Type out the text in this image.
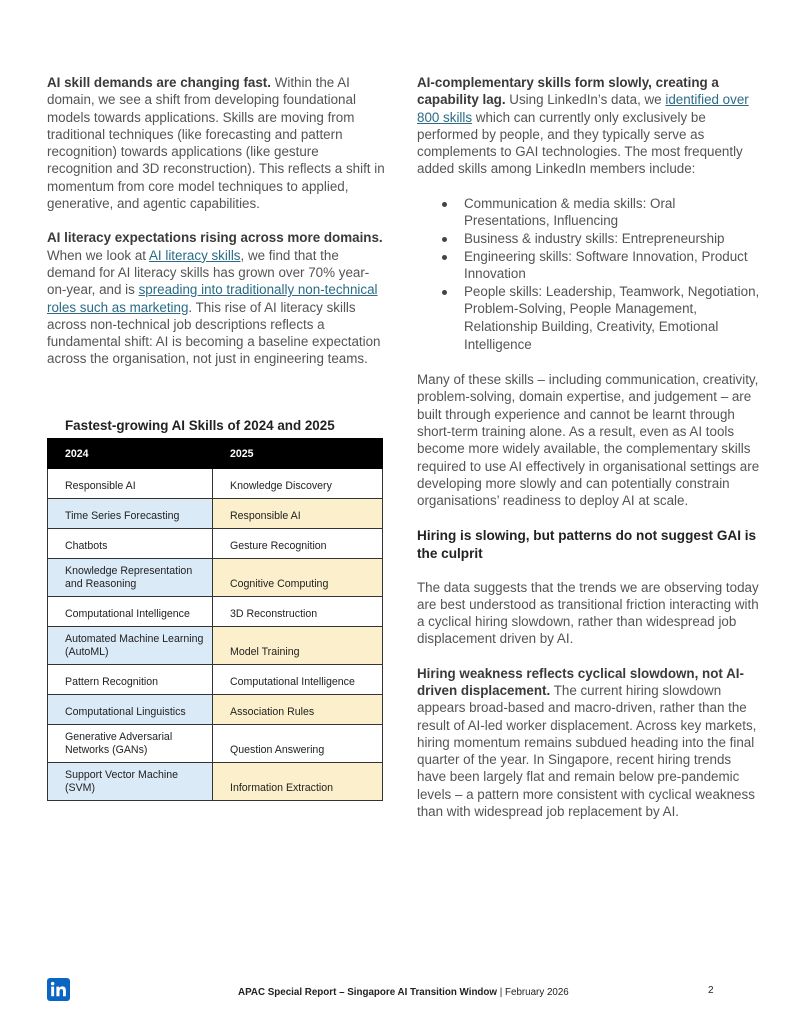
AI skill demands are changing fast. Within the AI domain, we see a shift from developing foundational models towards applications. Skills are moving from traditional techniques (like forecasting and pattern recognition) towards applications (like gesture recognition and 3D reconstruction). This reflects a shift in momentum from core model techniques to applied, generative, and agentic capabilities.

AI literacy expectations rising across more domains. When we look at AI literacy skills, we find that the demand for AI literacy skills has grown over 70% year-on-year, and is spreading into traditionally non-technical roles such as marketing. This rise of AI literacy skills across non-technical job descriptions reflects a fundamental shift: AI is becoming a baseline expectation across the organisation, not just in engineering teams.

Fastest-growing AI Skills of 2024 and 2025
2024	2025
Responsible AI	Knowledge Discovery
Time Series Forecasting	Responsible AI
Chatbots	Gesture Recognition
Knowledge Representation and Reasoning	Cognitive Computing
Computational Intelligence	3D Reconstruction
Automated Machine Learning (AutoML)	Model Training
Pattern Recognition	Computational Intelligence
Computational Linguistics	Association Rules
Generative Adversarial Networks (GANs)	Question Answering
Support Vector Machine (SVM)	Information Extraction

AI-complementary skills form slowly, creating a capability lag. Using LinkedIn’s data, we identified over 800 skills which can currently only exclusively be performed by people, and they typically serve as complements to GAI technologies. The most frequently added skills among LinkedIn members include:

Communication & media skills: Oral Presentations, Influencing
Business & industry skills: Entrepreneurship
Engineering skills: Software Innovation, Product Innovation
People skills: Leadership, Teamwork, Negotiation, Problem-Solving, People Management, Relationship Building, Creativity, Emotional Intelligence

Many of these skills – including communication, creativity, problem-solving, domain expertise, and judgement – are built through experience and cannot be learnt through short-term training alone. As a result, even as AI tools become more widely available, the complementary skills required to use AI effectively in organisational settings are developing more slowly and can potentially constrain organisations’ readiness to deploy AI at scale.

Hiring is slowing, but patterns do not suggest GAI is the culprit

The data suggests that the trends we are observing today are best understood as transitional friction interacting with a cyclical hiring slowdown, rather than widespread job displacement driven by AI.

Hiring weakness reflects cyclical slowdown, not AI-driven displacement. The current hiring slowdown appears broad-based and macro-driven, rather than the result of AI-led worker displacement. Across key markets, hiring momentum remains subdued heading into the final quarter of the year. In Singapore, recent hiring trends have been largely flat and remain below pre-pandemic levels – a pattern more consistent with cyclical weakness than with widespread job replacement by AI.

APAC Special Report – Singapore AI Transition Window | February 2026	2
